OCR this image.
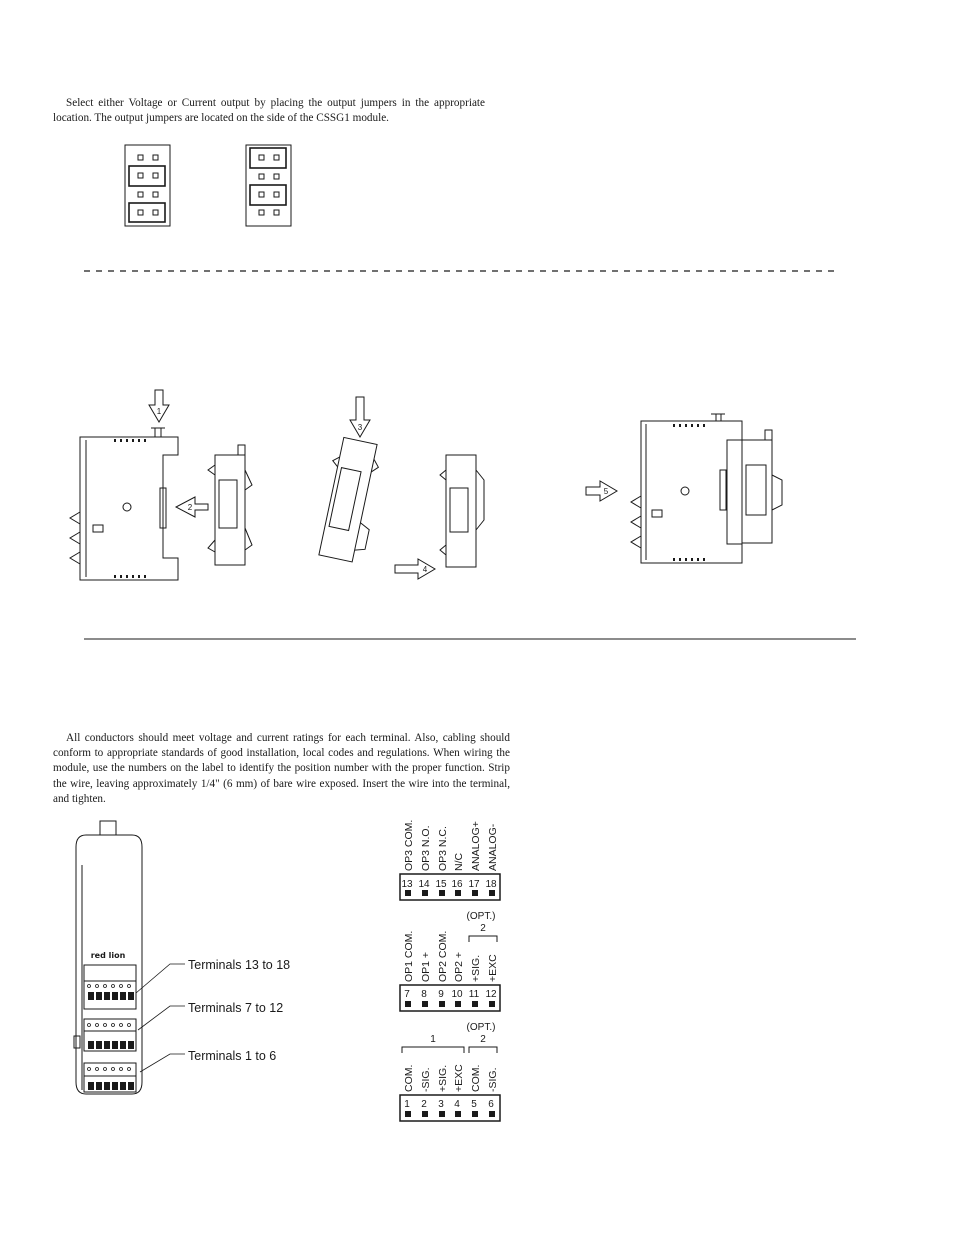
Select either Voltage or Current output by placing the output jumpers in the appropriate location. The output jumpers are located on the side of the CSSG1 module.

1
2
3
4
5

All conductors should meet voltage and current ratings for each terminal. Also, cabling should conform to appropriate standards of good installation, local codes and regulations. When wiring the module, use the numbers on the label to identify the position number with the proper function. Strip the wire, leaving approximately 1/4" (6 mm) of bare wire exposed. Insert the wire into the terminal, and tighten.

red lion
Terminals 13 to 18
Terminals 7 to 12
Terminals 1 to 6
13 14 15 16 17 18
OP3 COM. OP3 N.O. OP3 N.C. N/C ANALOG+ ANALOG-
(OPT.)
2
7 8 9 10 11 12
OP1 COM. OP1 + OP2 COM. OP2 + +SIG. +EXC
(OPT.)
1	2
1 2 3 4 5 6
COM. -SIG. +SIG. +EXC COM. -SIG.
